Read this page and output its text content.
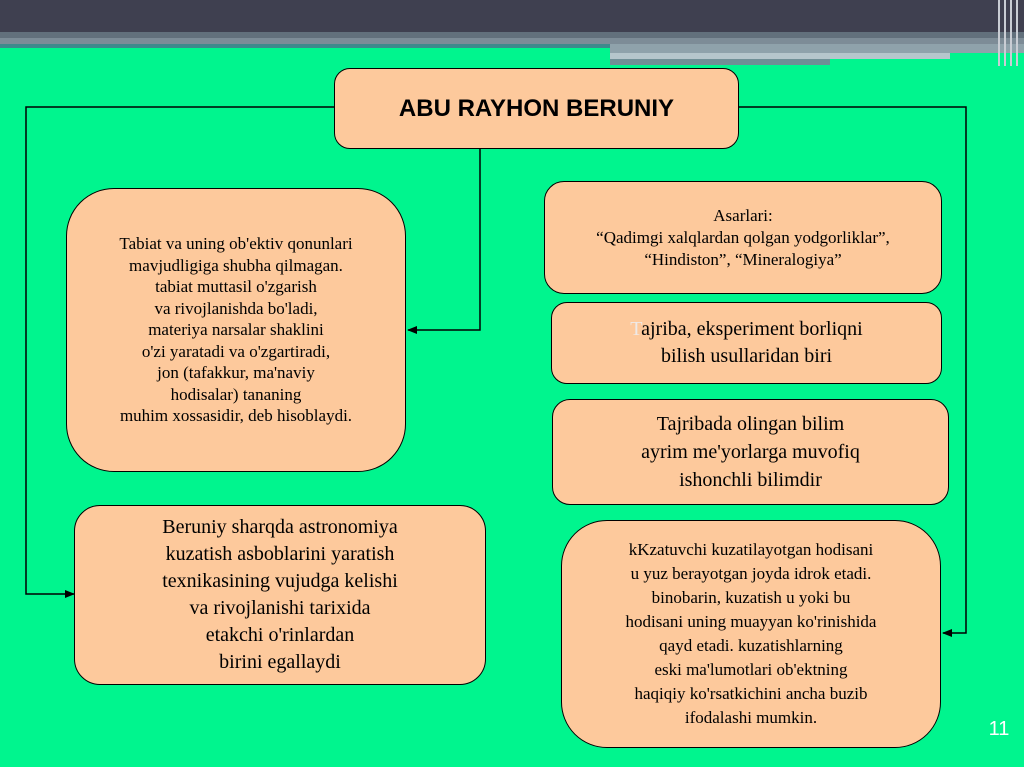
ABU RAYHON BERUNIY
Tabiat va uning ob'ektiv qonunlari
mavjudligiga shubha qilmagan.
tabiat muttasil o'zgarish
va rivojlanishda bo'ladi,
materiya narsalar shaklini
o'zi yaratadi va o'zgartiradi,
jon (tafakkur, ma'naviy
hodisalar) tananing
muhim xossasidir, deb hisoblaydi.
Beruniy sharqda astronomiya
kuzatish asboblarini yaratish
texnikasining vujudga kelishi
va rivojlanishi tarixida
etakchi o'rinlardan
birini egallaydi
Asarlari:
“Qadimgi xalqlardan qolgan yodgorliklar”,
“Hindiston”, “Mineralogiya”
Tajriba, eksperiment borliqni
bilish usullaridan biri
Tajribada olingan bilim
ayrim me'yorlarga muvofiq
ishonchli bilimdir
kKzatuvchi kuzatilayotgan hodisani
u yuz berayotgan joyda idrok etadi.
binobarin, kuzatish u yoki bu
hodisani uning muayyan ko'rinishida
qayd etadi. kuzatishlarning
eski ma'lumotlari ob'ektning
haqiqiy ko'rsatkichini ancha buzib
ifodalashi mumkin.
11
